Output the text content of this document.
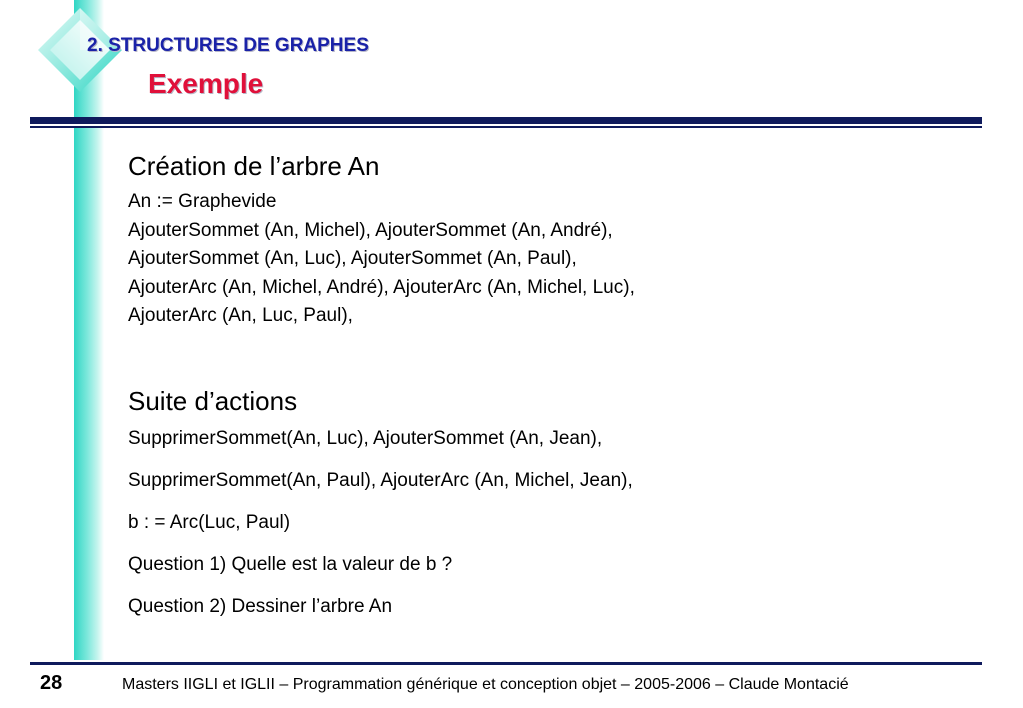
2. STRUCTURES DE GRAPHES
Exemple
Création de l’arbre An
An := Graphevide
AjouterSommet (An, Michel), AjouterSommet (An, André),
AjouterSommet (An, Luc), AjouterSommet (An, Paul),
AjouterArc (An, Michel, André), AjouterArc (An, Michel, Luc),
AjouterArc (An, Luc, Paul),
Suite d’actions
SupprimerSommet(An, Luc), AjouterSommet (An, Jean),
SupprimerSommet(An, Paul), AjouterArc (An, Michel, Jean),
b : = Arc(Luc, Paul)
Question 1) Quelle est la valeur de b ?
Question 2) Dessiner l’arbre An
28	Masters IIGLI et IGLII – Programmation générique et conception objet – 2005-2006 – Claude Montacié
